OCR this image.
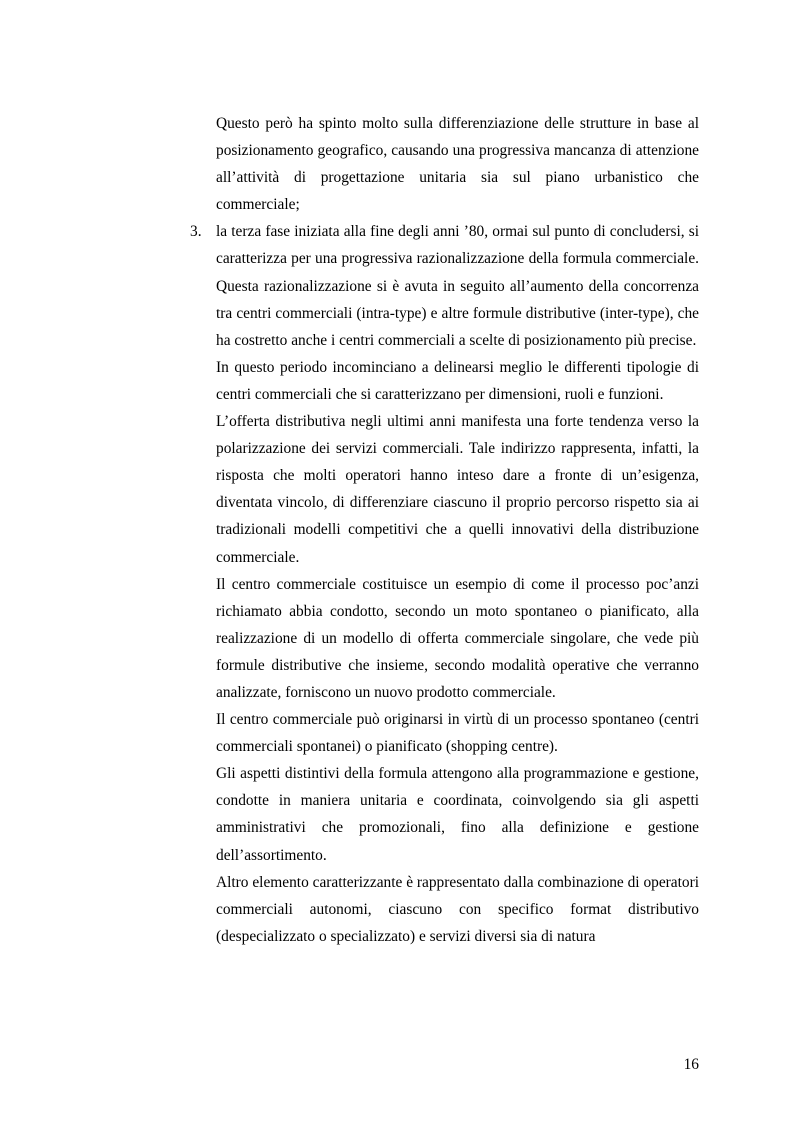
Questo però ha spinto molto sulla differenziazione delle strutture in base al posizionamento geografico, causando una progressiva mancanza di attenzione all’attività di progettazione unitaria sia sul piano urbanistico che commerciale;

3. la terza fase iniziata alla fine degli anni ’80, ormai sul punto di concludersi, si caratterizza per una progressiva razionalizzazione della formula commerciale. Questa razionalizzazione si è avuta in seguito all’aumento della concorrenza tra centri commerciali (intra-type) e altre formule distributive (inter-type), che ha costretto anche i centri commerciali a scelte di posizionamento più precise.

In questo periodo incominciano a delinearsi meglio le differenti tipologie di centri commerciali che si caratterizzano per dimensioni, ruoli e funzioni.

L’offerta distributiva negli ultimi anni manifesta una forte tendenza verso la polarizzazione dei servizi commerciali. Tale indirizzo rappresenta, infatti, la risposta che molti operatori hanno inteso dare a fronte di un’esigenza, diventata vincolo, di differenziare ciascuno il proprio percorso rispetto sia ai tradizionali modelli competitivi che a quelli innovativi della distribuzione commerciale.

Il centro commerciale costituisce un esempio di come il processo poc’anzi richiamato abbia condotto, secondo un moto spontaneo o pianificato, alla realizzazione di un modello di offerta commerciale singolare, che vede più formule distributive che insieme, secondo modalità operative che verranno analizzate, forniscono un nuovo prodotto commerciale.

Il centro commerciale può originarsi in virtù di un processo spontaneo (centri commerciali spontanei) o pianificato (shopping centre).

Gli aspetti distintivi della formula attengono alla programmazione e gestione, condotte in maniera unitaria e coordinata, coinvolgendo sia gli aspetti amministrativi che promozionali, fino alla definizione e gestione dell’assortimento.

Altro elemento caratterizzante è rappresentato dalla combinazione di operatori commerciali autonomi, ciascuno con specifico format distributivo (despecializzato o specializzato) e servizi diversi sia di natura

16
